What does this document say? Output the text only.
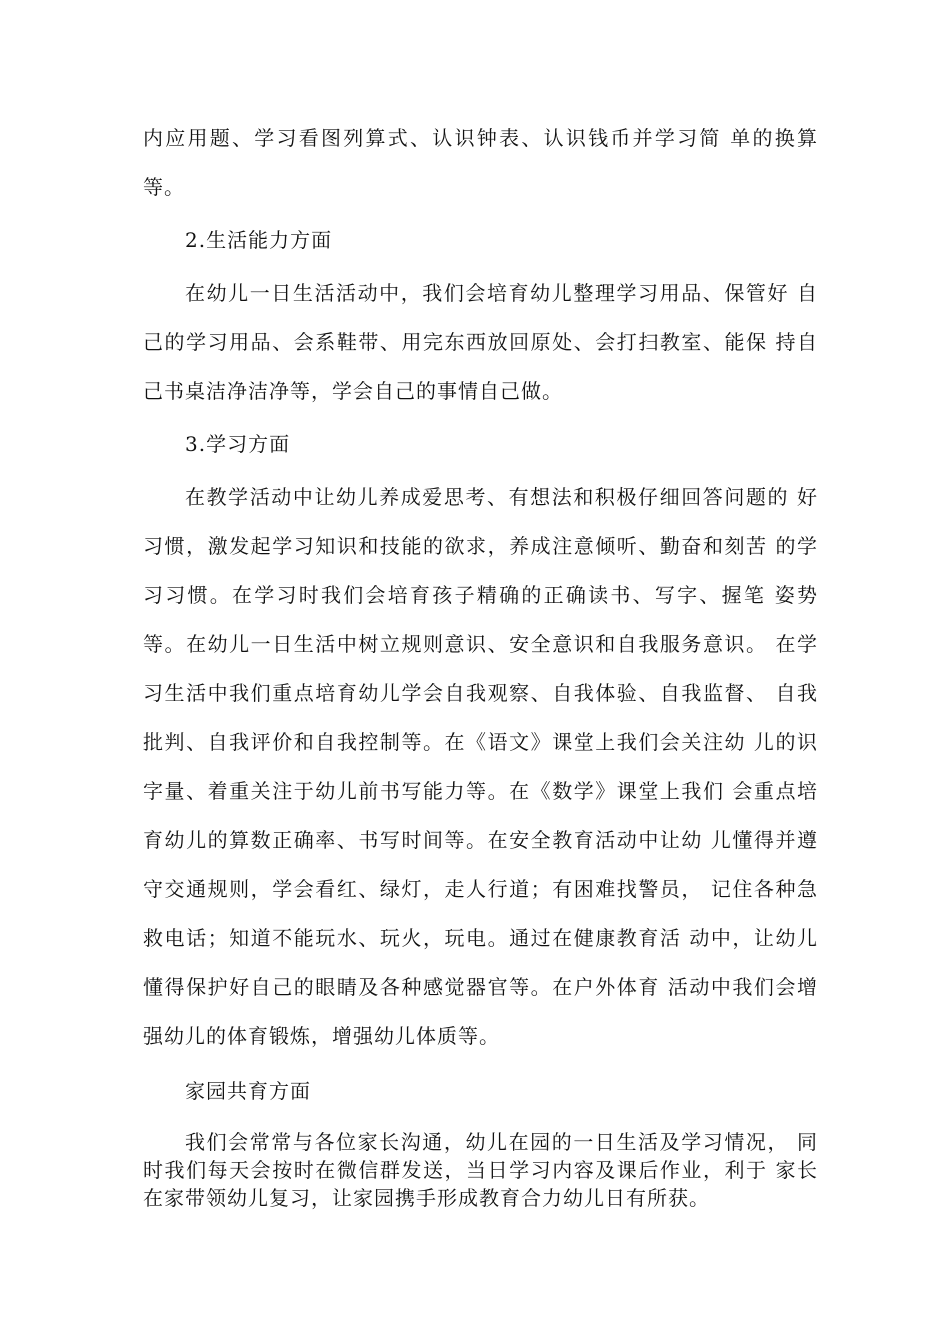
内应用题、学习看图列算式、认识钟表、认识钱币并学习简 单的换算等。

2.生活能力方面

在幼儿一日生活活动中，我们会培育幼儿整理学习用品、保管好 自己的学习用品、会系鞋带、用完东西放回原处、会打扫教室、能保 持自己书桌洁净洁净等，学会自己的事情自己做。

3.学习方面

在教学活动中让幼儿养成爱思考、有想法和积极仔细回答问题的 好习惯，激发起学习知识和技能的欲求，养成注意倾听、勤奋和刻苦 的学习习惯。在学习时我们会培育孩子精确的正确读书、写字、握笔 姿势等。在幼儿一日生活中树立规则意识、安全意识和自我服务意识。 在学习生活中我们重点培育幼儿学会自我观察、自我体验、自我监督、 自我批判、自我评价和自我控制等。在《语文》课堂上我们会关注幼 儿的识字量、着重关注于幼儿前书写能力等。在《数学》课堂上我们 会重点培育幼儿的算数正确率、书写时间等。在安全教育活动中让幼 儿懂得并遵守交通规则，学会看红、绿灯，走人行道；有困难找警员， 记住各种急救电话；知道不能玩水、玩火，玩电。通过在健康教育活 动中，让幼儿懂得保护好自己的眼睛及各种感觉器官等。在户外体育 活动中我们会增强幼儿的体育锻炼，增强幼儿体质等。

家园共育方面

我们会常常与各位家长沟通，幼儿在园的一日生活及学习情况， 同时我们每天会按时在微信群发送，当日学习内容及课后作业，利于 家长在家带领幼儿复习，让家园携手形成教育合力幼儿日有所获。
